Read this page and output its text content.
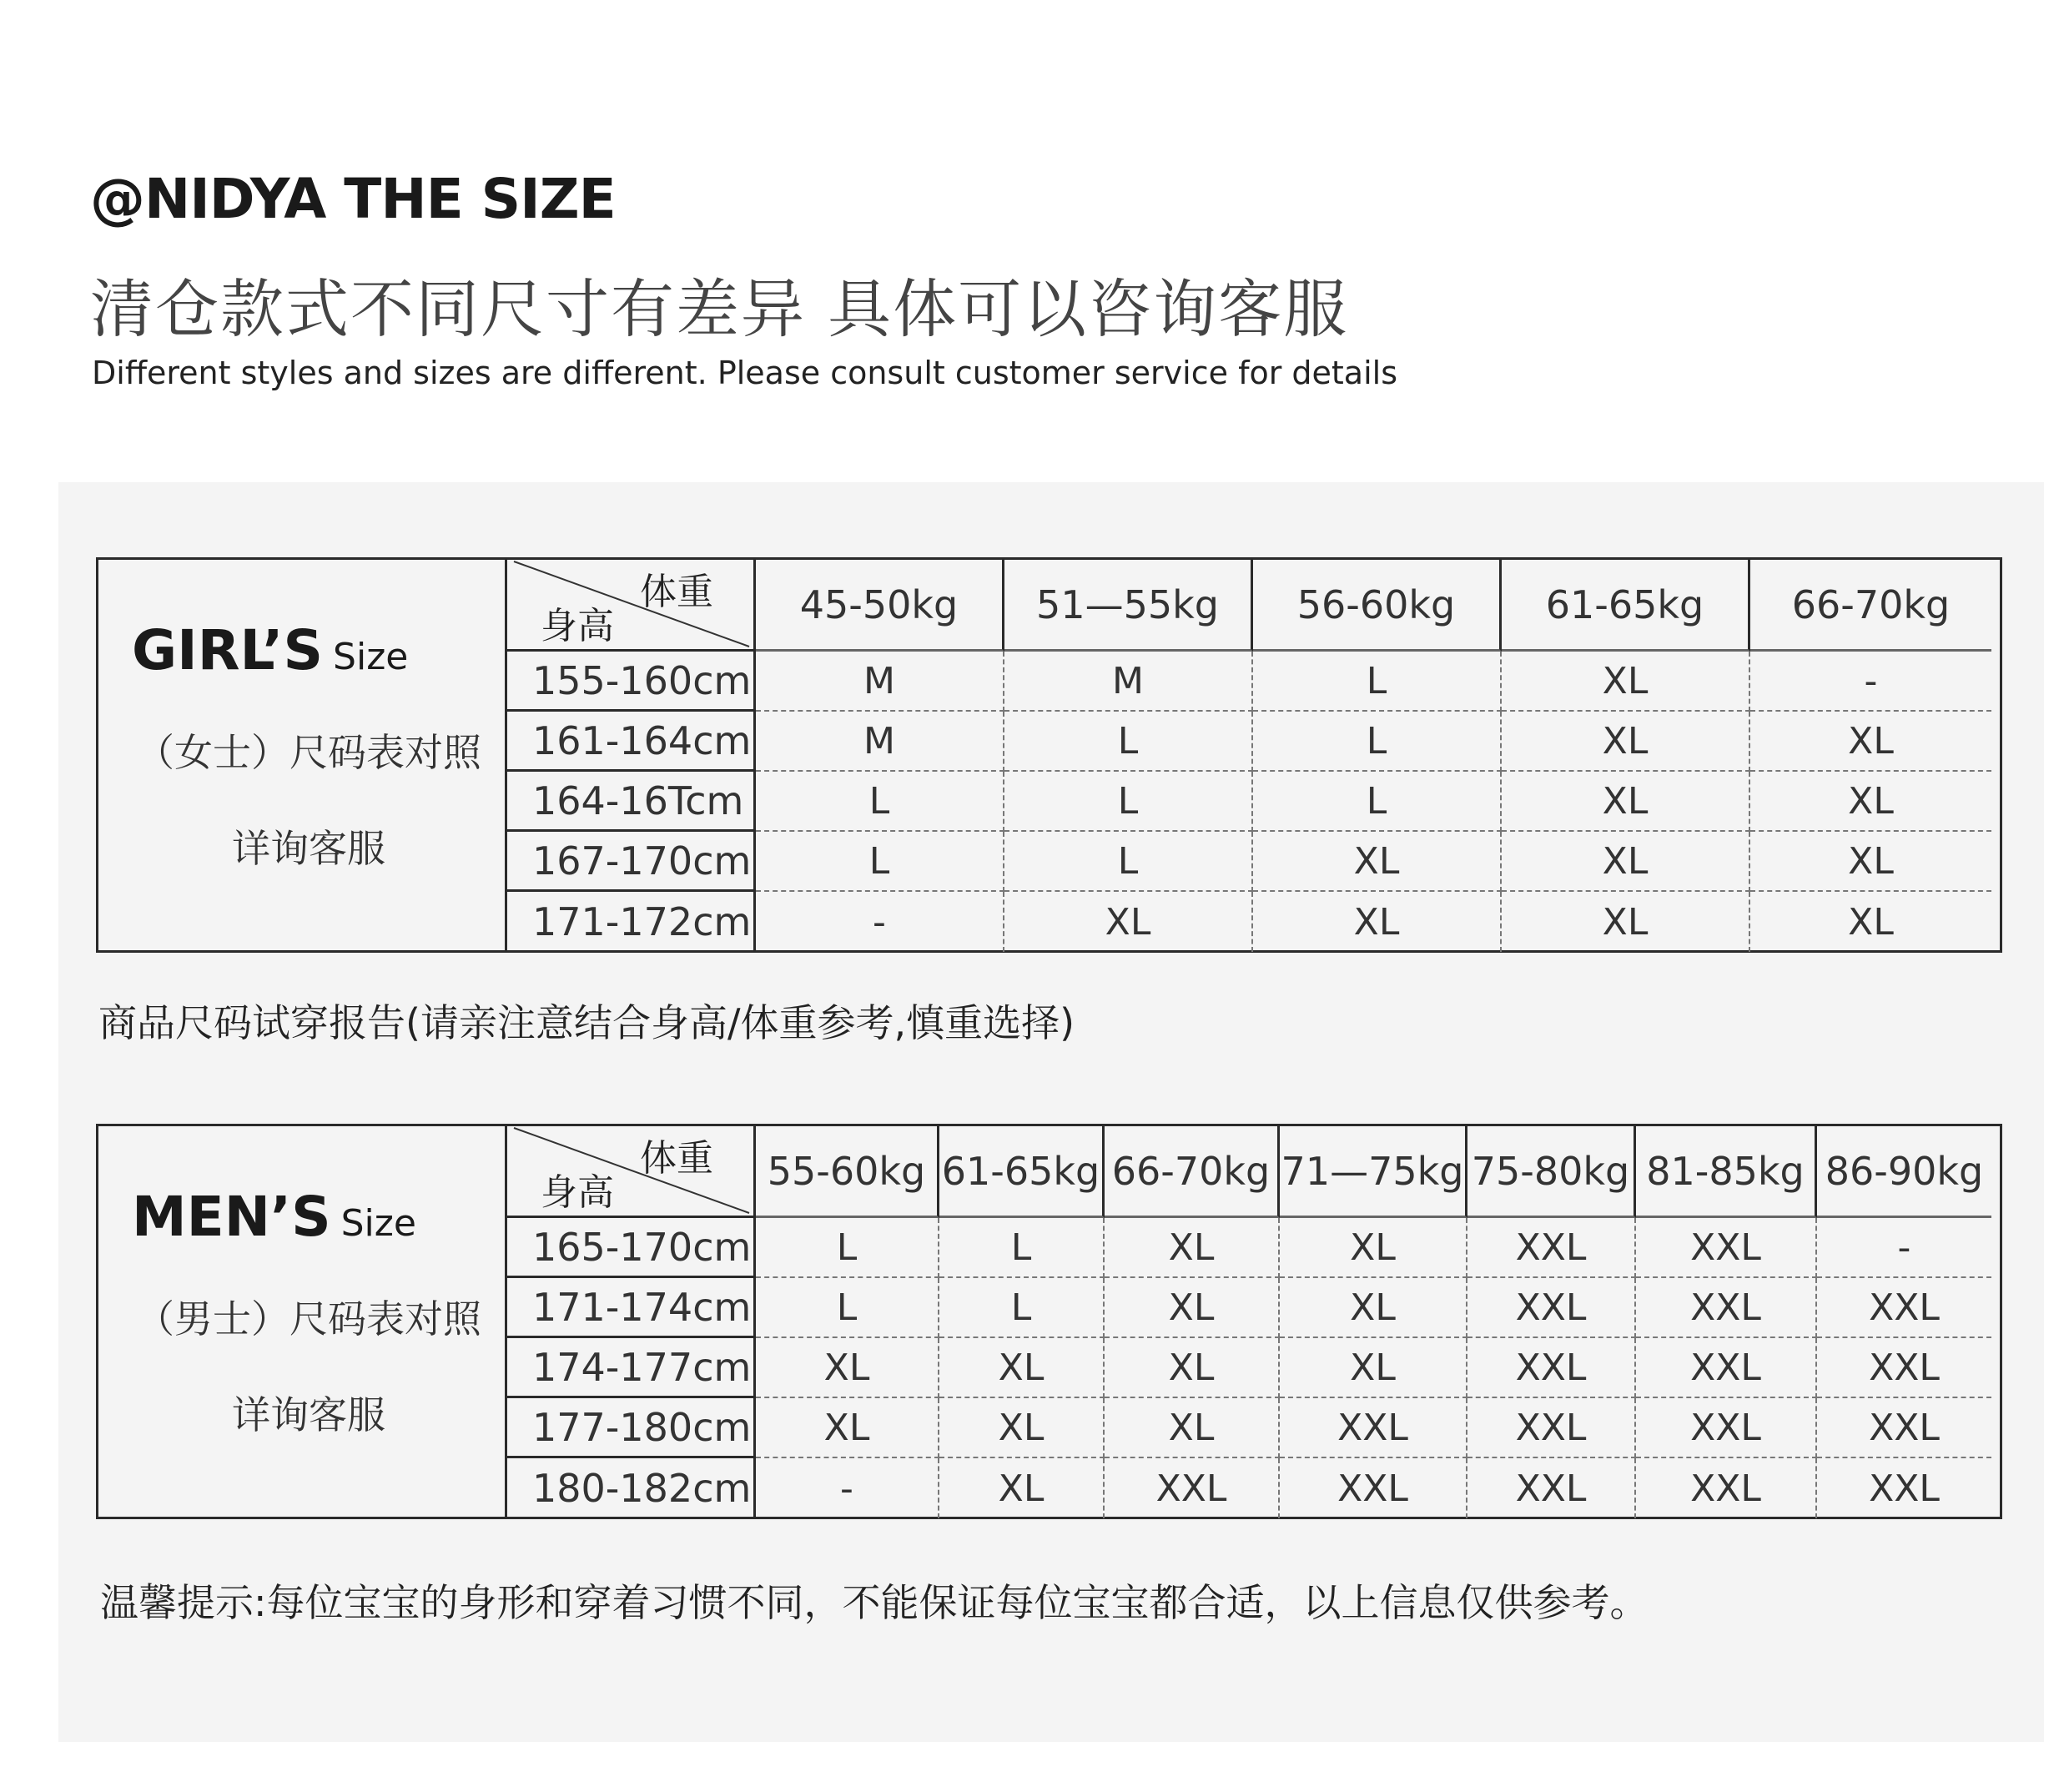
@NIDYA THE SIZE
清仓款式不同尺寸有差异 具体可以咨询客服
Different styles and sizes are different. Please consult customer service for details
GIRL’S Size
（女士）尺码表对照
详询客服
体重
身高	45-50kg	51—55kg	56-60kg	61-65kg	66-70kg
155-160cm	M	M	L	XL	-
161-164cm	M	L	L	XL	XL
164-16Tcm	L	L	L	XL	XL
167-170cm	L	L	XL	XL	XL
171-172cm	-	XL	XL	XL	XL
商品尺码试穿报告(请亲注意结合身高/体重参考,慎重选择)
MEN’S Size
（男士）尺码表对照
详询客服
体重
身高	55-60kg 61-65kg 66-70kg 71—75kg 75-80kg 81-85kg 86-90kg
165-170cm	L	L	XL	XL	XXL	XXL	-
171-174cm	L	L	XL	XL	XXL	XXL	XXL
174-177cm	XL	XL	XL	XL	XXL	XXL	XXL
177-180cm	XL	XL	XL	XXL	XXL	XXL	XXL
180-182cm	-	XL	XXL	XXL	XXL	XXL	XXL
温馨提示:每位宝宝的身形和穿着习惯不同，不能保证每位宝宝都合适，以上信息仅供参考。
